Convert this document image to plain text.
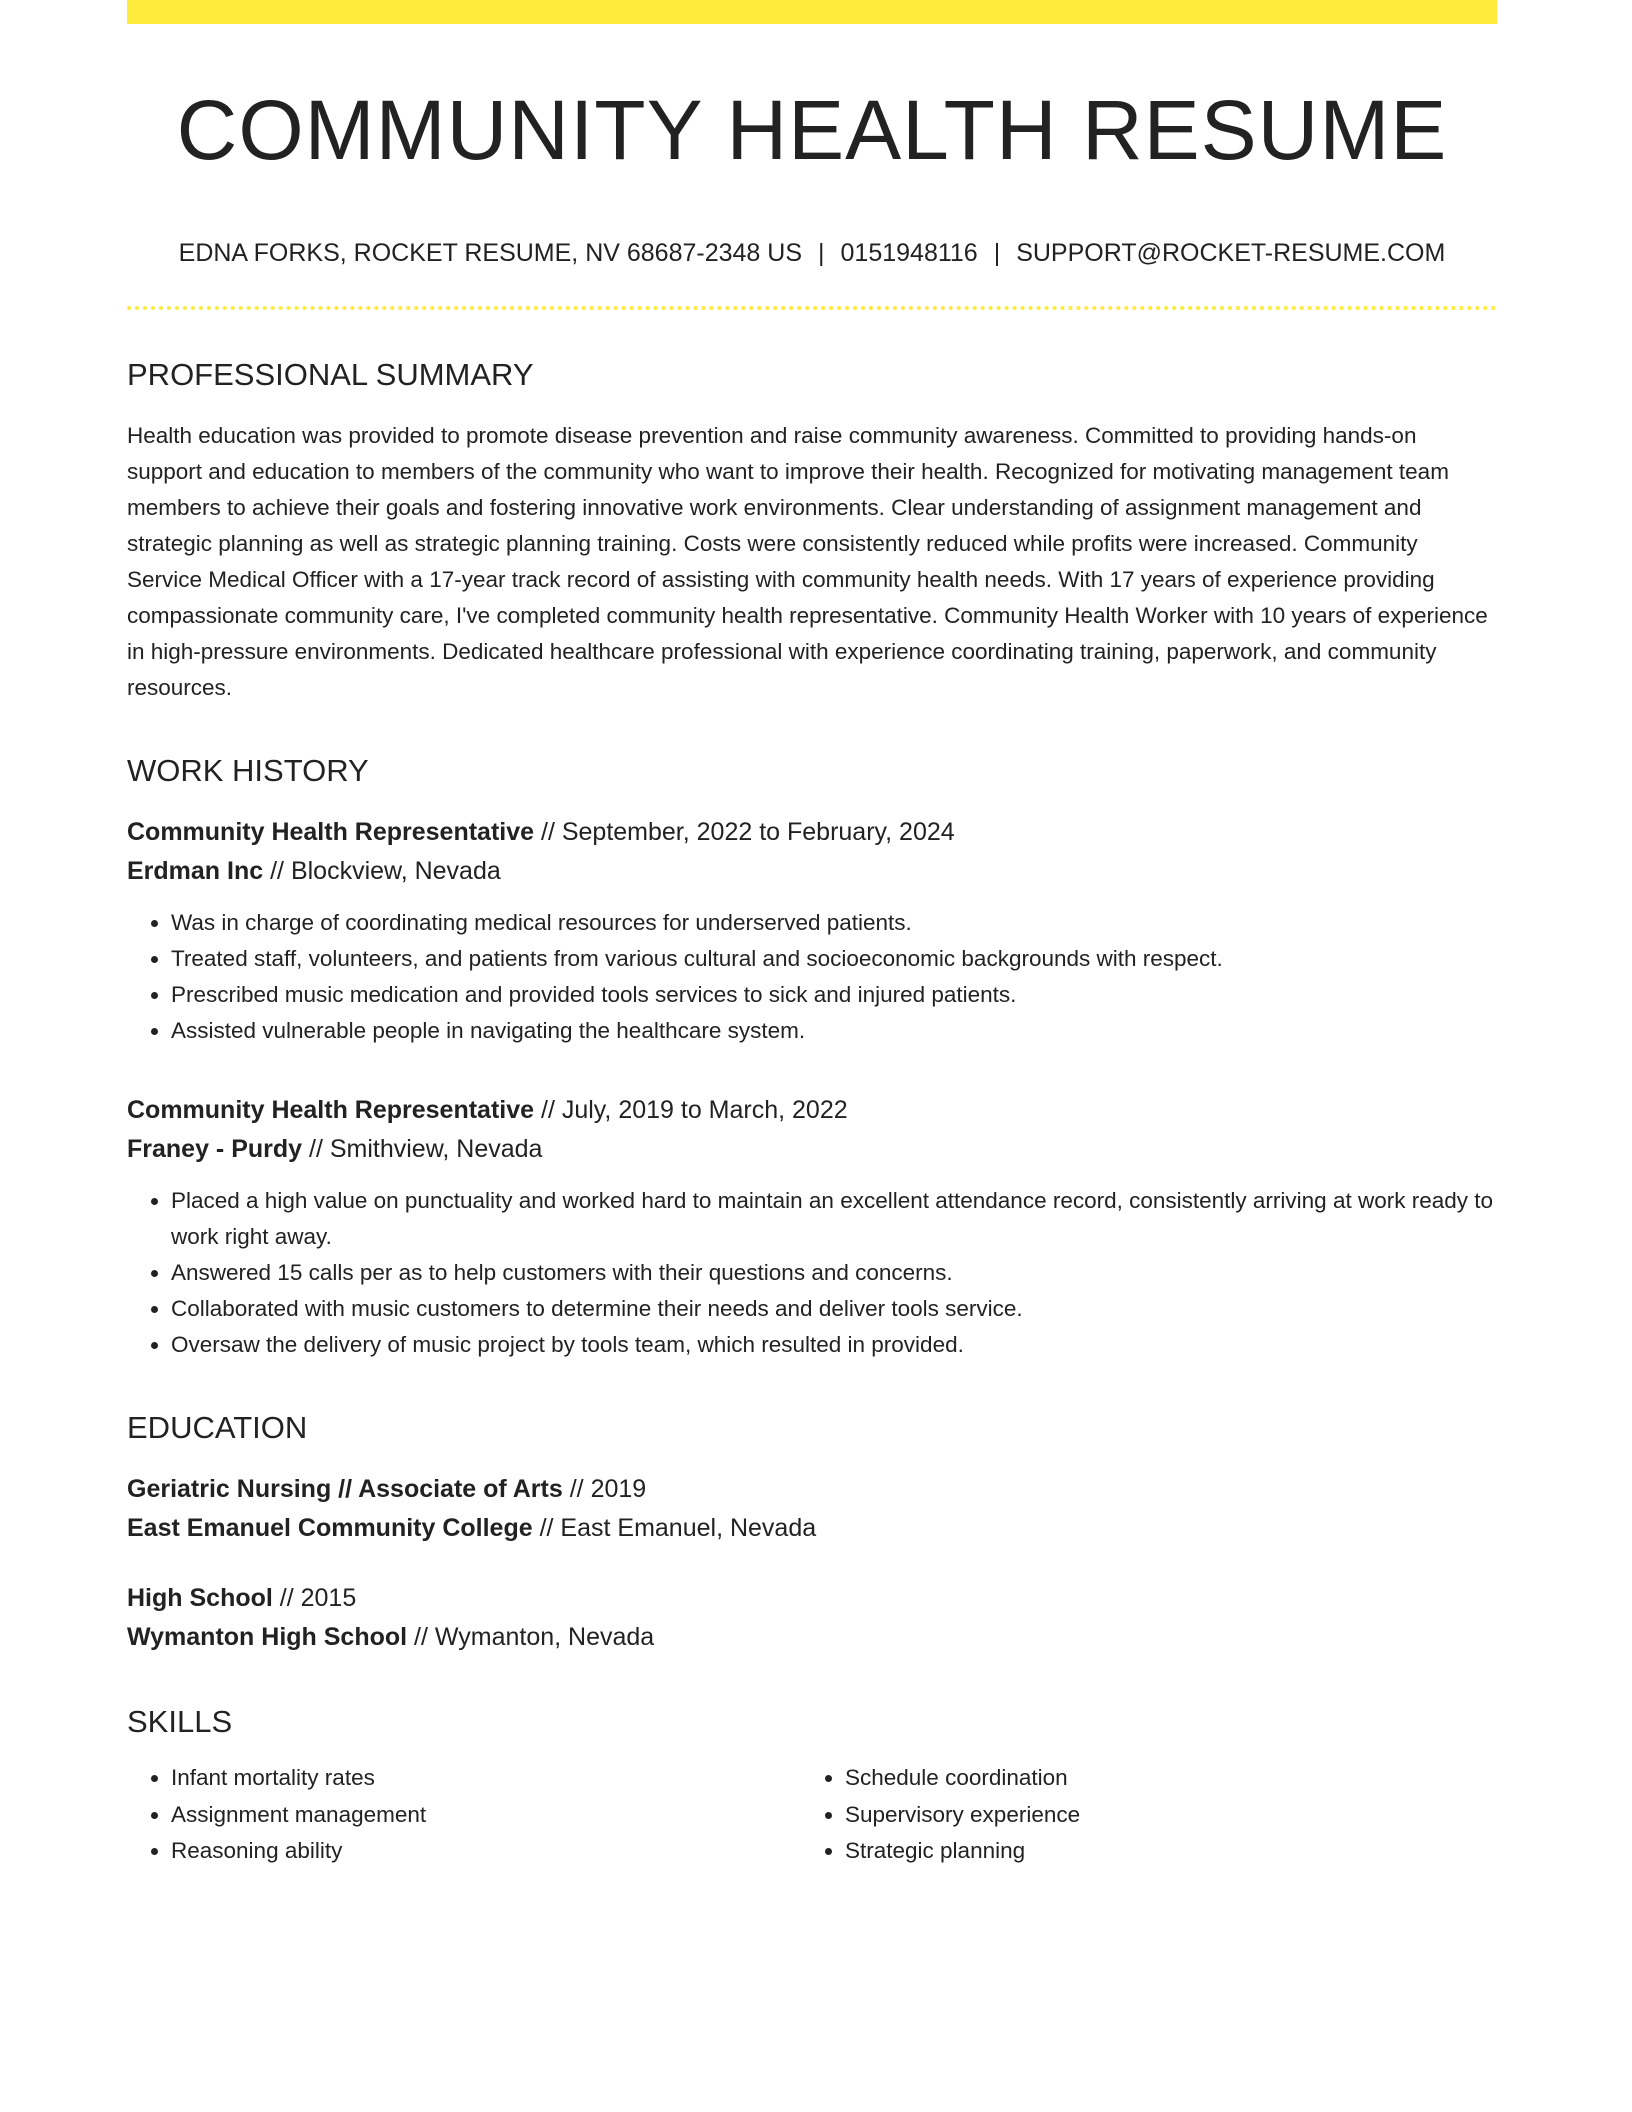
COMMUNITY HEALTH RESUME
EDNA FORKS, ROCKET RESUME, NV 68687-2348 US | 0151948116 | SUPPORT@ROCKET-RESUME.COM
PROFESSIONAL SUMMARY
Health education was provided to promote disease prevention and raise community awareness. Committed to providing hands-on support and education to members of the community who want to improve their health. Recognized for motivating management team members to achieve their goals and fostering innovative work environments. Clear understanding of assignment management and strategic planning as well as strategic planning training. Costs were consistently reduced while profits were increased. Community Service Medical Officer with a 17-year track record of assisting with community health needs. With 17 years of experience providing compassionate community care, I've completed community health representative. Community Health Worker with 10 years of experience in high-pressure environments. Dedicated healthcare professional with experience coordinating training, paperwork, and community resources.
WORK HISTORY
Community Health Representative // September, 2022 to February, 2024
Erdman Inc // Blockview, Nevada
• Was in charge of coordinating medical resources for underserved patients.
• Treated staff, volunteers, and patients from various cultural and socioeconomic backgrounds with respect.
• Prescribed music medication and provided tools services to sick and injured patients.
• Assisted vulnerable people in navigating the healthcare system.
Community Health Representative // July, 2019 to March, 2022
Franey - Purdy // Smithview, Nevada
• Placed a high value on punctuality and worked hard to maintain an excellent attendance record, consistently arriving at work ready to work right away.
• Answered 15 calls per as to help customers with their questions and concerns.
• Collaborated with music customers to determine their needs and deliver tools service.
• Oversaw the delivery of music project by tools team, which resulted in provided.
EDUCATION
Geriatric Nursing // Associate of Arts // 2019
East Emanuel Community College // East Emanuel, Nevada
High School // 2015
Wymanton High School // Wymanton, Nevada
SKILLS
• Infant mortality rates
• Assignment management
• Reasoning ability
• Schedule coordination
• Supervisory experience
• Strategic planning
